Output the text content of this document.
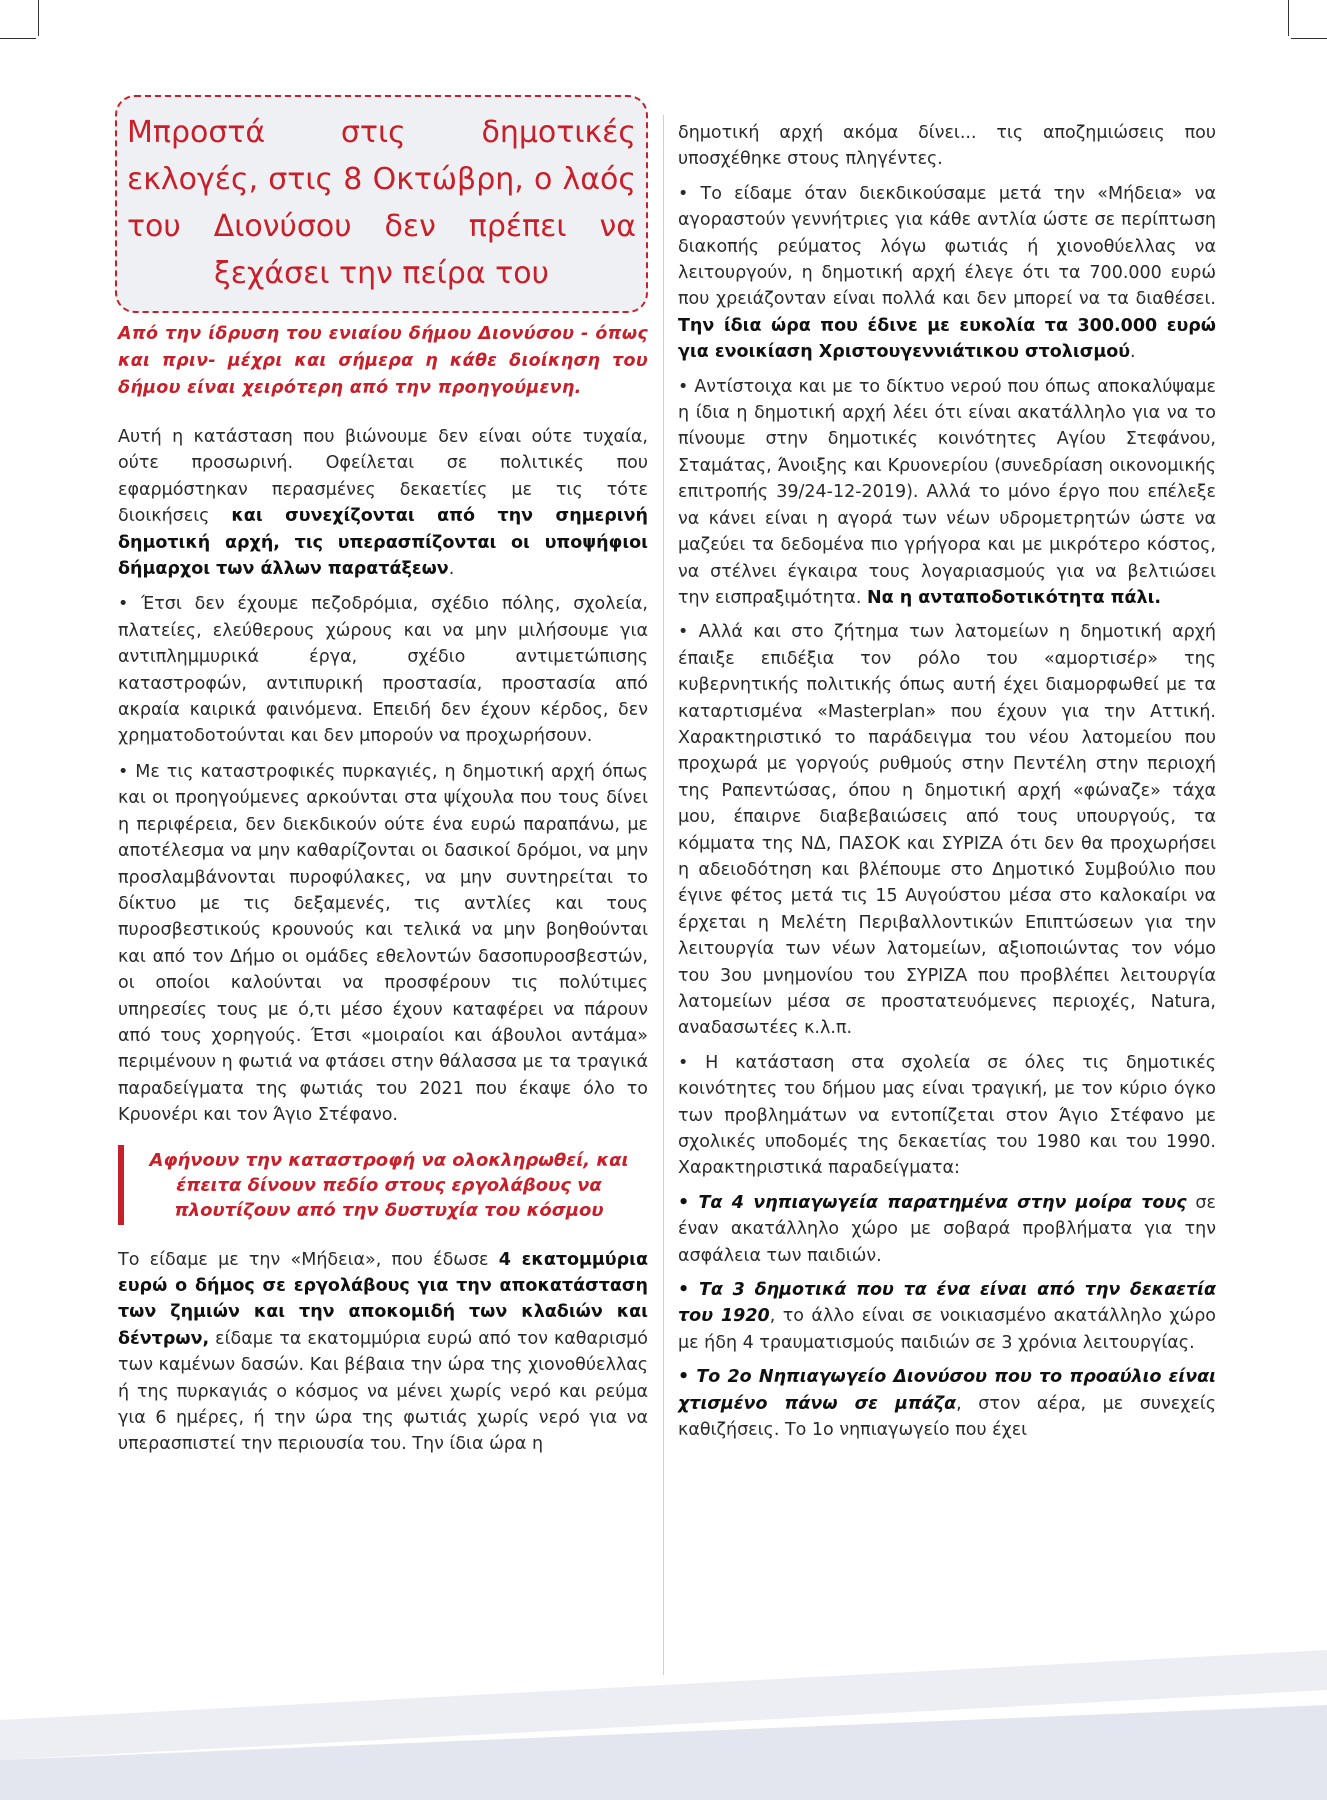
Μπροστά στις δημοτικές εκλογές, στις 8 Οκτώβρη, ο λαός του Διονύσου δεν πρέπει να ξεχάσει την πείρα του
Από την ίδρυση του ενιαίου δήμου Διονύσου - όπως και πριν- μέχρι και σήμερα η κάθε διοίκηση του δήμου είναι χειρότερη από την προηγούμενη.

Αυτή η κατάσταση που βιώνουμε δεν είναι ούτε τυχαία, ούτε προσωρινή. Οφείλεται σε πολιτικές που εφαρμόστηκαν περασμένες δεκαετίες με τις τότε διοικήσεις και συνεχίζονται από την σημερινή δημοτική αρχή, τις υπερασπίζονται οι υποψήφιοι δήμαρχοι των άλλων παρατάξεων.

• Έτσι δεν έχουμε πεζοδρόμια, σχέδιο πόλης, σχολεία, πλατείες, ελεύθερους χώρους και να μην μιλήσουμε για αντιπλημμυρικά έργα, σχέδιο αντιμετώπισης καταστροφών, αντιπυρική προστασία, προστασία από ακραία καιρικά φαινόμενα. Επειδή δεν έχουν κέρδος, δεν χρηματοδοτούνται και δεν μπορούν να προχωρήσουν.

• Με τις καταστροφικές πυρκαγιές, η δημοτική αρχή όπως και οι προηγούμενες αρκούνται στα ψίχουλα που τους δίνει η περιφέρεια, δεν διεκδικούν ούτε ένα ευρώ παραπάνω, με αποτέλεσμα να μην καθαρίζονται οι δασικοί δρόμοι, να μην προσλαμβάνονται πυροφύλακες, να μην συντηρείται το δίκτυο με τις δεξαμενές, τις αντλίες και τους πυροσβεστικούς κρουνούς και τελικά να μην βοηθούνται και από τον Δήμο οι ομάδες εθελοντών δασοπυροσβεστών, οι οποίοι καλούνται να προσφέρουν τις πολύτιμες υπηρεσίες τους με ό,τι μέσο έχουν καταφέρει να πάρουν από τους χορηγούς. Έτσι «μοιραίοι και άβουλοι αντάμα» περιμένουν η φωτιά να φτάσει στην θάλασσα με τα τραγικά παραδείγματα της φωτιάς του 2021 που έκαψε όλο το Κρυονέρι και τον Άγιο Στέφανο.

Αφήνουν την καταστροφή να ολοκληρωθεί, και έπειτα δίνουν πεδίο στους εργολάβους να πλουτίζουν από την δυστυχία του κόσμου

Το είδαμε με την «Μήδεια», που έδωσε 4 εκατομμύρια ευρώ ο δήμος σε εργολάβους για την αποκατάσταση των ζημιών και την αποκομιδή των κλαδιών και δέντρων, είδαμε τα εκατομμύρια ευρώ από τον καθαρισμό των καμένων δασών. Και βέβαια την ώρα της χιονοθύελλας ή της πυρκαγιάς ο κόσμος να μένει χωρίς νερό και ρεύμα για 6 ημέρες, ή την ώρα της φωτιάς χωρίς νερό για να υπερασπιστεί την περιουσία του. Την ίδια ώρα η

δημοτική αρχή ακόμα δίνει... τις αποζημιώσεις που υποσχέθηκε στους πληγέντες.

• Το είδαμε όταν διεκδικούσαμε μετά την «Μήδεια» να αγοραστούν γεννήτριες για κάθε αντλία ώστε σε περίπτωση διακοπής ρεύματος λόγω φωτιάς ή χιονοθύελλας να λειτουργούν, η δημοτική αρχή έλεγε ότι τα 700.000 ευρώ που χρειάζονταν είναι πολλά και δεν μπορεί να τα διαθέσει. Την ίδια ώρα που έδινε με ευκολία τα 300.000 ευρώ για ενοικίαση Χριστουγεννιάτικου στολισμού.

• Αντίστοιχα και με το δίκτυο νερού που όπως αποκαλύψαμε η ίδια η δημοτική αρχή λέει ότι είναι ακατάλληλο για να το πίνουμε στην δημοτικές κοινότητες Αγίου Στεφάνου, Σταμάτας, Άνοιξης και Κρυονερίου (συνεδρίαση οικονομικής επιτροπής 39/24-12-2019). Αλλά το μόνο έργο που επέλεξε να κάνει είναι η αγορά των νέων υδρομετρητών ώστε να μαζεύει τα δεδομένα πιο γρήγορα και με μικρότερο κόστος, να στέλνει έγκαιρα τους λογαριασμούς για να βελτιώσει την εισπραξιμότητα. Να η ανταποδοτικότητα πάλι.

• Αλλά και στο ζήτημα των λατομείων η δημοτική αρχή έπαιξε επιδέξια τον ρόλο του «αμορτισέρ» της κυβερνητικής πολιτικής όπως αυτή έχει διαμορφωθεί με τα καταρτισμένα «Masterplan» που έχουν για την Αττική. Χαρακτηριστικό το παράδειγμα του νέου λατομείου που προχωρά με γοργούς ρυθμούς στην Πεντέλη στην περιοχή της Ραπεντώσας, όπου η δημοτική αρχή «φώναζε» τάχα μου, έπαιρνε διαβεβαιώσεις από τους υπουργούς, τα κόμματα της ΝΔ, ΠΑΣΟΚ και ΣΥΡΙΖΑ ότι δεν θα προχωρήσει η αδειοδότηση και βλέπουμε στο Δημοτικό Συμβούλιο που έγινε φέτος μετά τις 15 Αυγούστου μέσα στο καλοκαίρι να έρχεται η Μελέτη Περιβαλλοντικών Επιπτώσεων για την λειτουργία των νέων λατομείων, αξιοποιώντας τον νόμο του 3ου μνημονίου του ΣΥΡΙΖΑ που προβλέπει λειτουργία λατομείων μέσα σε προστατευόμενες περιοχές, Natura, αναδασωτέες κ.λ.π.

• Η κατάσταση στα σχολεία σε όλες τις δημοτικές κοινότητες του δήμου μας είναι τραγική, με τον κύριο όγκο των προβλημάτων να εντοπίζεται στον Άγιο Στέφανο με σχολικές υποδομές της δεκαετίας του 1980 και του 1990. Χαρακτηριστικά παραδείγματα:

• Τα 4 νηπιαγωγεία παρατημένα στην μοίρα τους σε έναν ακατάλληλο χώρο με σοβαρά προβλήματα για την ασφάλεια των παιδιών.

• Τα 3 δημοτικά που τα ένα είναι από την δεκαετία του 1920, το άλλο είναι σε νοικιασμένο ακατάλληλο χώρο με ήδη 4 τραυματισμούς παιδιών σε 3 χρόνια λειτουργίας.

• Το 2ο Νηπιαγωγείο Διονύσου που το προαύλιο είναι χτισμένο πάνω σε μπάζα, στον αέρα, με συνεχείς καθιζήσεις. Το 1ο νηπιαγωγείο που έχει
